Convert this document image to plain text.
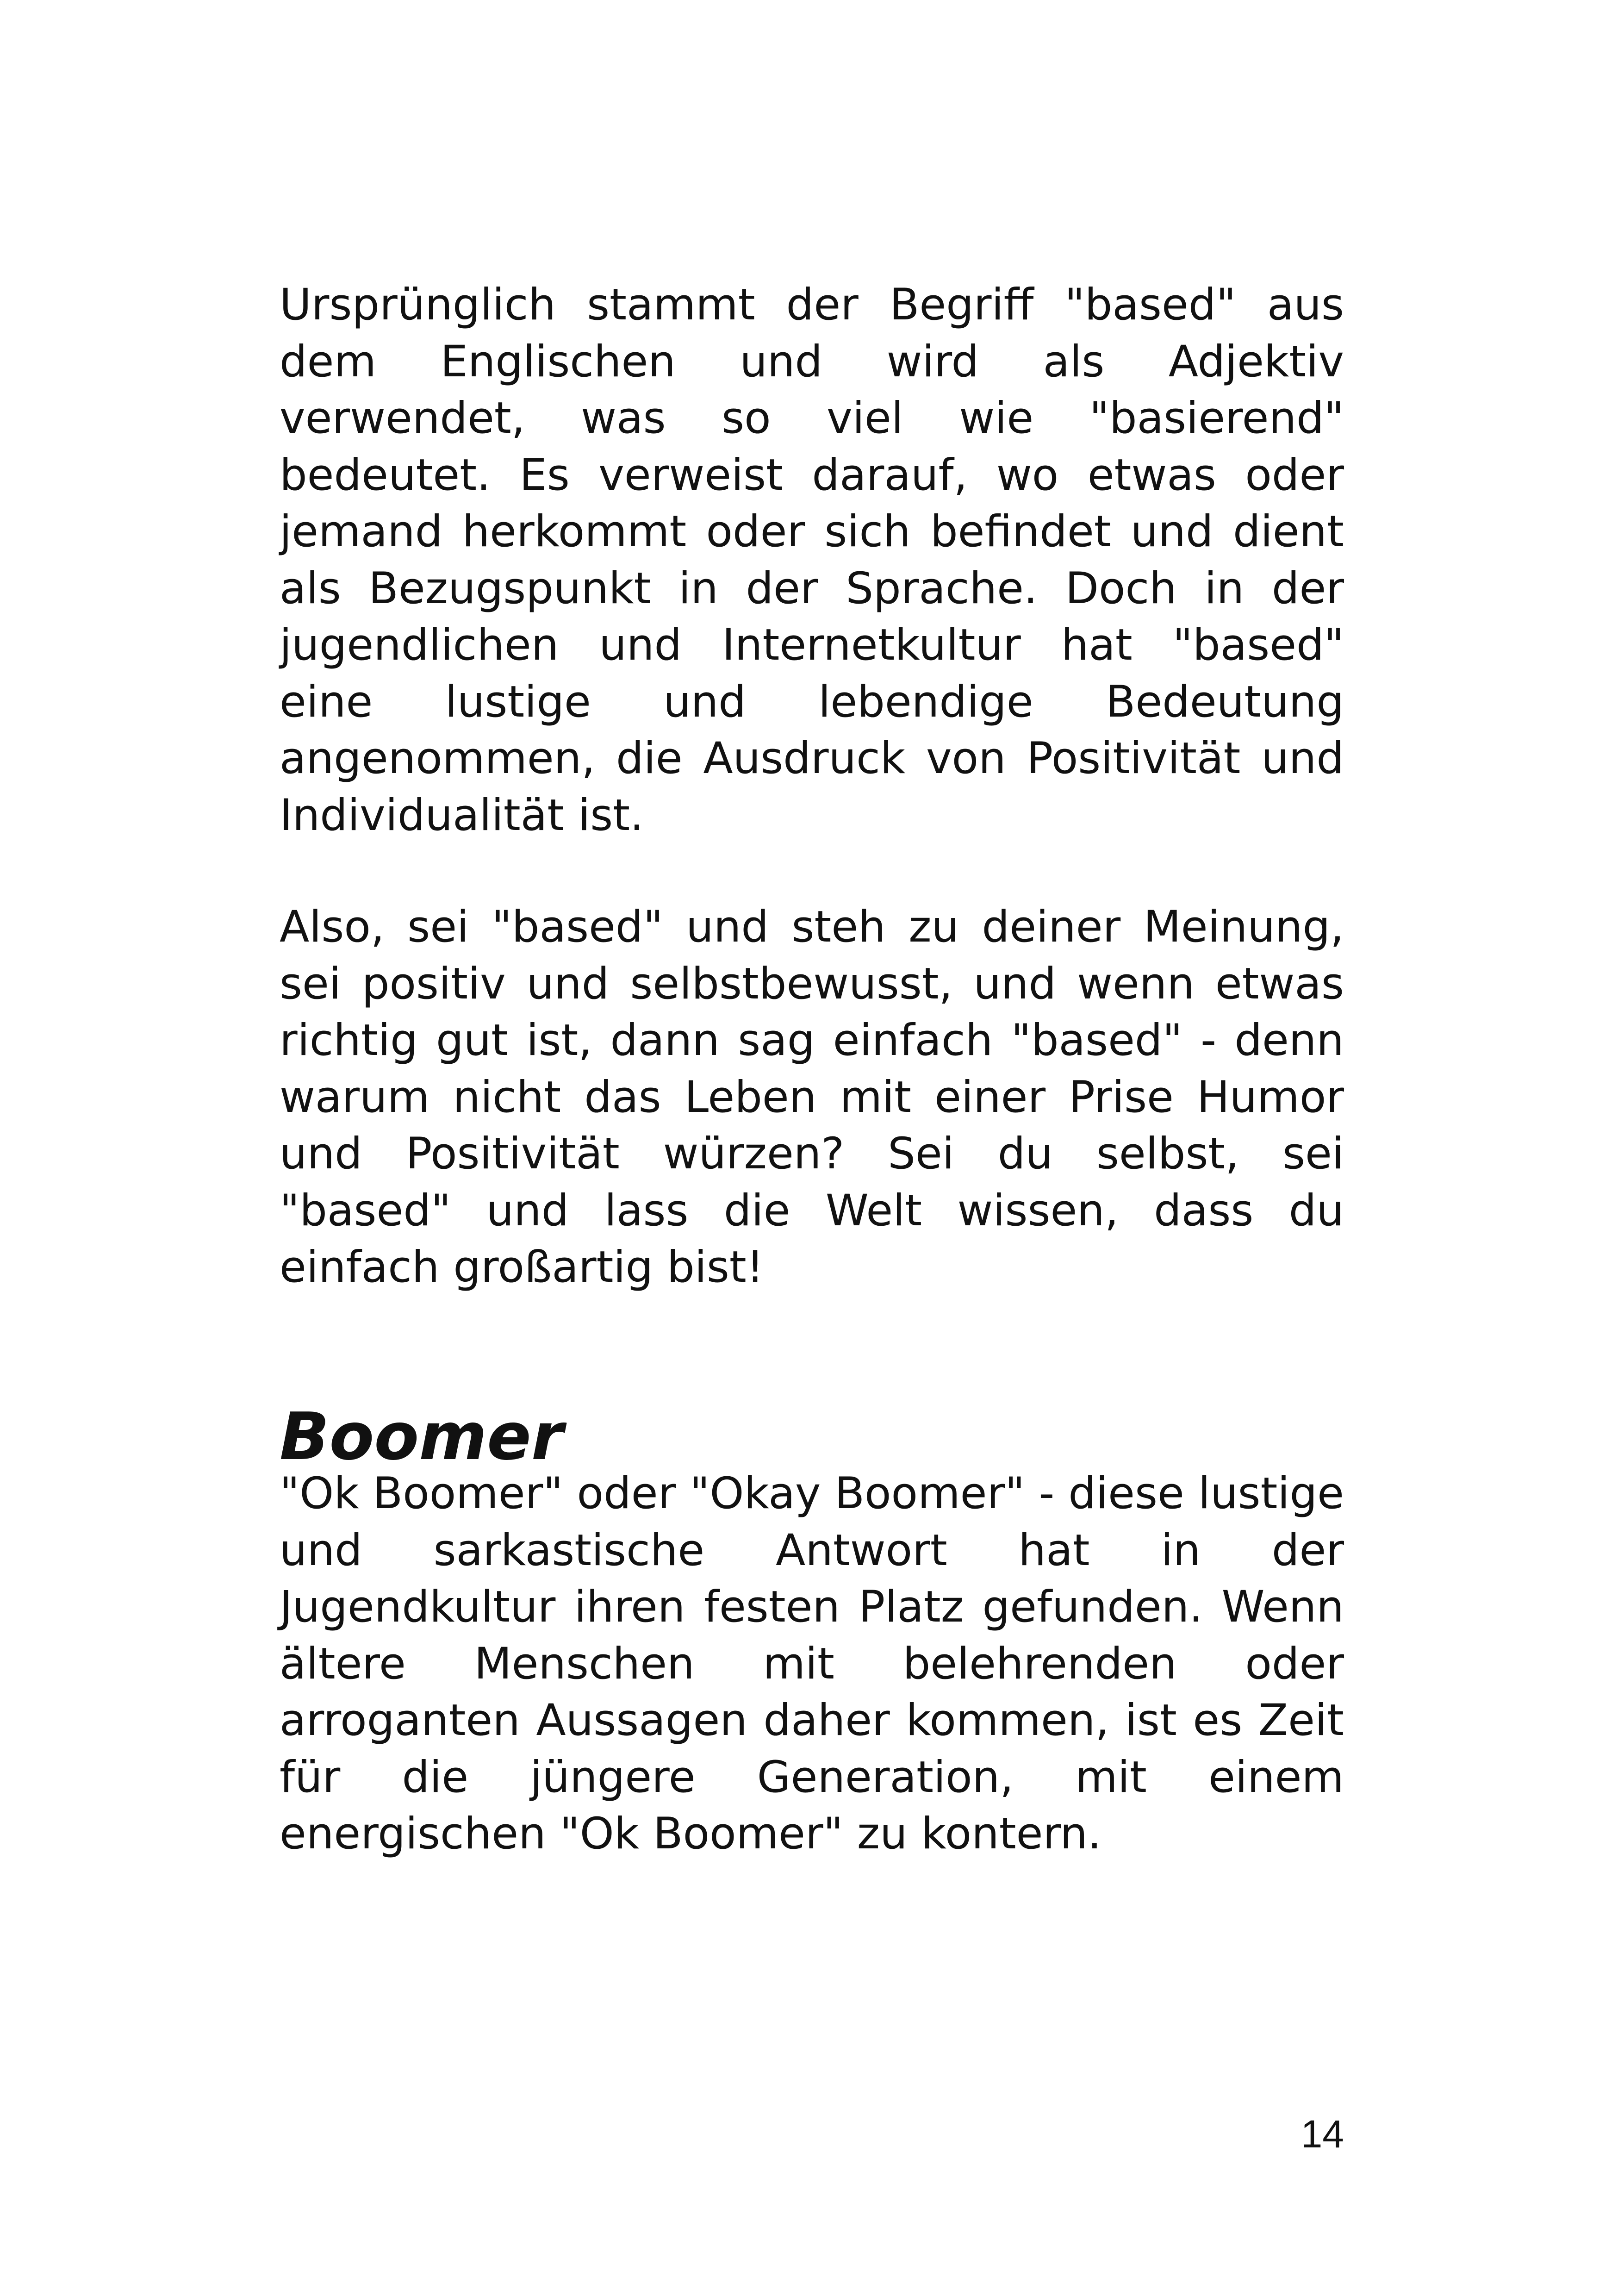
Ursprünglich stammt der Begriff "based" aus dem Englischen und wird als Adjektiv verwendet, was so viel wie "basierend" bedeutet. Es verweist darauf, wo etwas oder jemand herkommt oder sich befindet und dient als Bezugspunkt in der Sprache. Doch in der jugendlichen und Internetkultur hat "based" eine lustige und lebendige Bedeutung angenommen, die Ausdruck von Positivität und Individualität ist.

Also, sei "based" und steh zu deiner Meinung, sei positiv und selbstbewusst, und wenn etwas richtig gut ist, dann sag einfach "based" - denn warum nicht das Leben mit einer Prise Humor und Positivität würzen? Sei du selbst, sei "based" und lass die Welt wissen, dass du einfach großartig bist!

Boomer

"Ok Boomer" oder "Okay Boomer" - diese lustige und sarkastische Antwort hat in der Jugendkultur ihren festen Platz gefunden. Wenn ältere Menschen mit belehrenden oder arroganten Aussagen daher kommen, ist es Zeit für die jüngere Generation, mit einem energischen "Ok Boomer" zu kontern.

14
